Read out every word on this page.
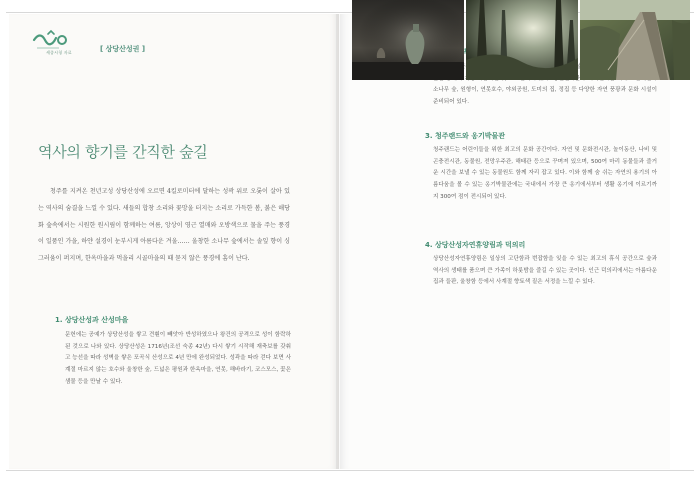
세종시청 자료	[ 상당산성권 ]
역사의 향기를 간직한 숲길

청주를 지켜온 천년고성 상당산성에 오르면 4킬로미터에 달하는 성곽 위로 오롯이 살아 있는 역사의 숨결을 느낄 수 있다. 새들의 합창 소리와 꽃망울 터지는 소리로 가득한 봄, 붉은 해당화 숲속에서는 시원한 원시림이 함께하는 여름, 앙상이 영근 열매와 오방색으로 물을 주는 풍경이 일품인 가을, 하얀 설경이 눈부시게 아름다운 겨울…… 울창한 소나무 숲에서는 솔잎 향이 싱그러움이 퍼지며, 한옥마을과 먹을리 시골마을의 때 묻지 않은 풍경에 흠이 난다.

1. 상당산성과 산성마을
문헌에는 공예가 상당산성을 쌓고 견훤이 빼앗아 반성하였으나 왕건의 공격으로 성이 함락하된 것으로 나와 있다. 상당산성은 1716년(조선 숙종 42년) 다시 쌓기 시작해 재축보를 갖춰고 능선을 따라 성벽을 쌓은 포곡식 산성으로 4년 만에 완성되었다. 성곽을 따라 걷다 보면 사계절 마르지 않는 호수와 울창한 숲, 드넓은 평원과 한옥마을, 연못, 해바라기, 코스모스, 꽃은 샘물 등을 만날 수 있다.
소나무 숲, 원형이, 연못호수, 야외공원, 도미의 집, 정집 등 다양한 자연 풍광과 문화 시설이 준비되어 있다.
3. 청주랜드와 옹기박물관
청주랜드는 어린이들을 위한 최고의 문화 공간이다. 자연 및 문화전시관, 놀이동산, 나비 및 곤충전시관, 동물원, 전망우주관, 해태관 등으로 꾸며져 있으며, 500여 마리 동물들과 즐거운 시간을 보낼 수 있는 동물원도 함께 자리 잡고 있다. 이와 함께 숨 쉬는 자연의 용기의 아름다움을 볼 수 있는 옹기박물관에는 국내에서 가장 큰 옹기에서부터 생활 옹기에 이르기까지 300여 점이 전시되어 있다.
4. 상당산성자연휴양림과 덕의리
상당산성자연휴양림은 일상의 고단함과 번잡함을 잊을 수 있는 최고의 휴식 공간으로 숲과 역사의 생태를 품으며 큰 가족이 하룻밤을 즐길 수 있는 곳이다. 인근 덕의리에서는 아름다운 집과 들판, 울창함 등에서 사계절 향토색 짙은 서정을 느낄 수 있다.
